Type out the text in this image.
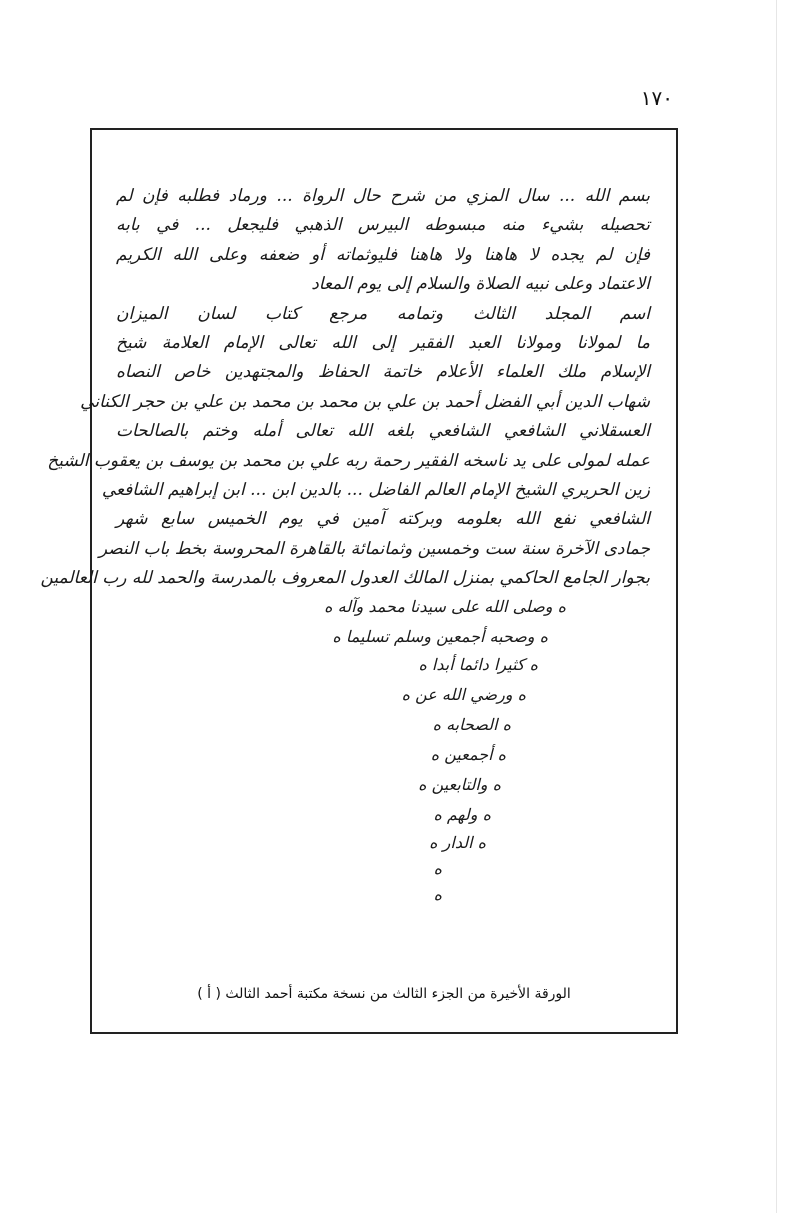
١٧٠
بسم الله ... سال المزي من شرح حال الرواة ... ورماد فطلبه فإن لم
تحصيله بشيء منه مبسوطه البيرس الذهبي فليجعل ... في بابه
فإن لم يجده لا هاهنا ولا هاهنا فليوثماته أو ضعفه وعلى الله الكريم
الاعتماد وعلى نبيه الصلاة والسلام إلى يوم المعاد
اسم المجلد الثالث وتمامه مرجع كتاب لسان الميزان
ما لمولانا ومولانا العبد الفقير إلى الله تعالى الإمام العلامة شيخ
الإسلام ملك العلماء الأعلام خاتمة الحفاظ والمجتهدين خاص النصاه
شهاب الدين أبي الفضل أحمد بن علي بن محمد بن محمد بن علي بن حجر الكناني
العسقلاني الشافعي الشافعي بلغه الله تعالى أمله وختم بالصالحات
عمله لمولى على يد ناسخه الفقير رحمة ربه علي بن محمد بن يوسف بن يعقوب الشيخ
زين الحريري الشيخ الإمام العالم الفاضل ... بالدين ابن ... ابن إبراهيم الشافعي
الشافعي نفع الله بعلومه وبركته آمين في يوم الخميس سابع شهر
جمادى الآخرة سنة ست وخمسين وثمانمائة بالقاهرة المحروسة بخط باب النصر
بجوار الجامع الحاكمي بمنزل المالك العدول المعروف بالمدرسة والحمد لله رب العالمين
ه وصلى الله على سيدنا محمد وآله ه
ه وصحبه أجمعين وسلم تسليما ه
ه كثيرا دائما أبدا ه
ه ورضي الله عن ه
ه الصحابه ه
ه أجمعين ه
ه والتابعين ه
ه ولهم ه
ه الدار ه
ه
ه
الورقة الأخيرة من الجزء الثالث من نسخة مكتبة أحمد الثالث ( أ )
